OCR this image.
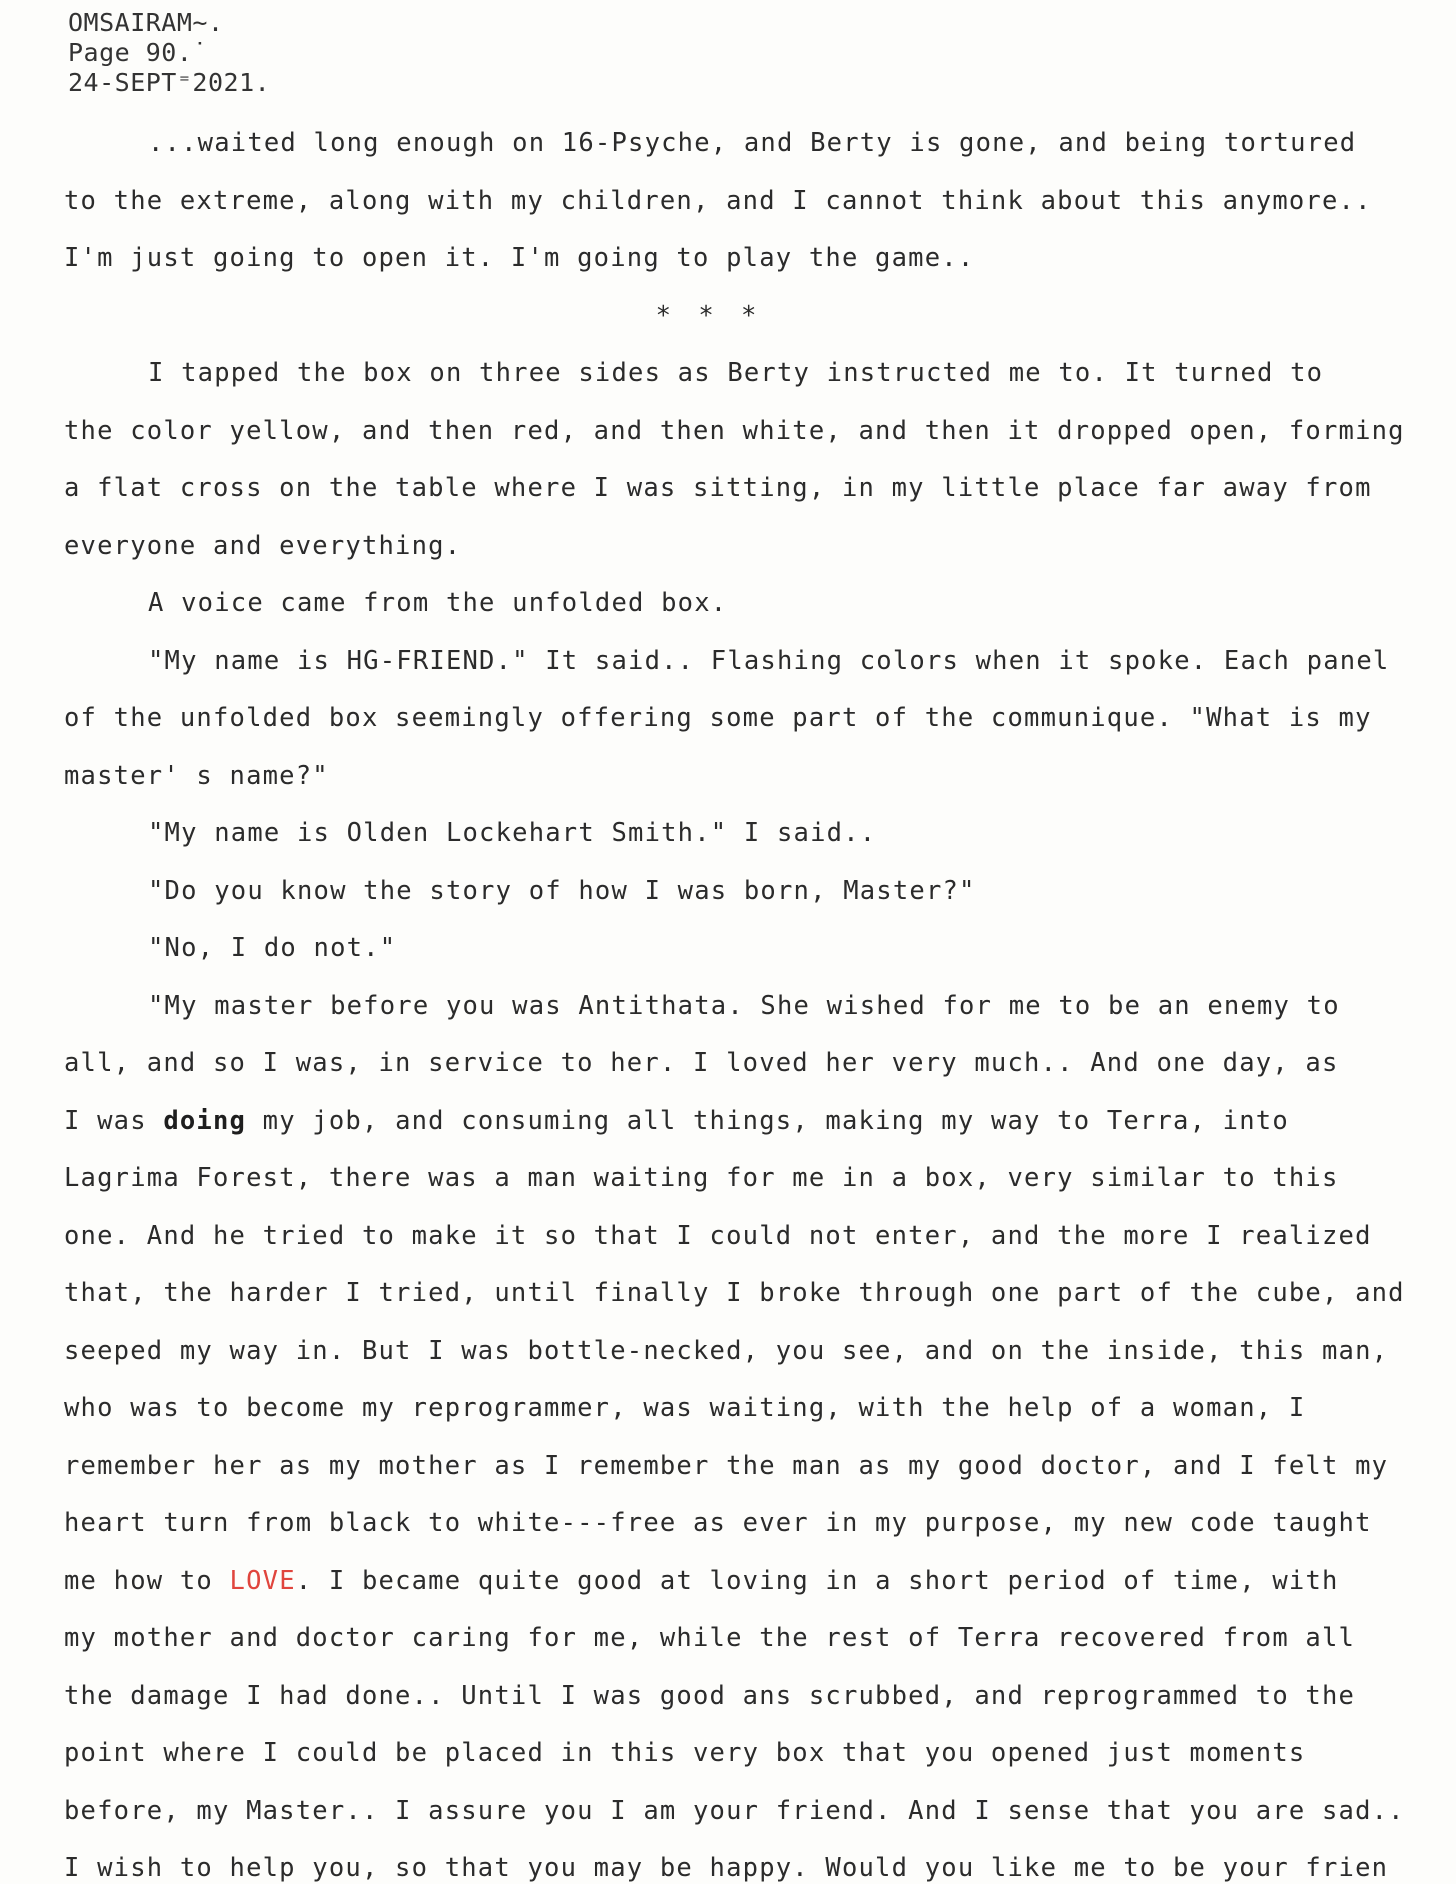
OMSAIRAM~.
Page 90.˙
24-SEPT⁼2021.
...waited long enough on 16-Psyche, and Berty is gone, and being tortured
to the extreme, along with my children, and I cannot think about this anymore..
I'm just going to open it. I'm going to play the game..
* * *
I tapped the box on three sides as Berty instructed me to. It turned to
the color yellow, and then red, and then white, and then it dropped open, forming
a flat cross on the table where I was sitting, in my little place far away from
everyone and everything.
A voice came from the unfolded box.
"My name is HG-FRIEND." It said.. Flashing colors when it spoke. Each panel
of the unfolded box seemingly offering some part of the communique. "What is my
master' s name?"
"My name is Olden Lockehart Smith." I said..
"Do you know the story of how I was born, Master?"
"No, I do not."
"My master before you was Antithata. She wished for me to be an enemy to
all, and so I was, in service to her. I loved her very much.. And one day, as
I was doing my job, and consuming all things, making my way to Terra, into
Lagrima Forest, there was a man waiting for me in a box, very similar to this
one. And he tried to make it so that I could not enter, and the more I realized
that, the harder I tried, until finally I broke through one part of the cube, and
seeped my way in. But I was bottle-necked, you see, and on the inside, this man,
who was to become my reprogrammer, was waiting, with the help of a woman, I
remember her as my mother as I remember the man as my good doctor, and I felt my
heart turn from black to white---free as ever in my purpose, my new code taught
me how to LOVE. I became quite good at loving in a short period of time, with
my mother and doctor caring for me, while the rest of Terra recovered from all
the damage I had done.. Until I was good ans scrubbed, and reprogrammed to the
point where I could be placed in this very box that you opened just moments
before, my Master.. I assure you I am your friend. And I sense that you are sad..
I wish to help you, so that you may be happy. Would you like me to be your frien
